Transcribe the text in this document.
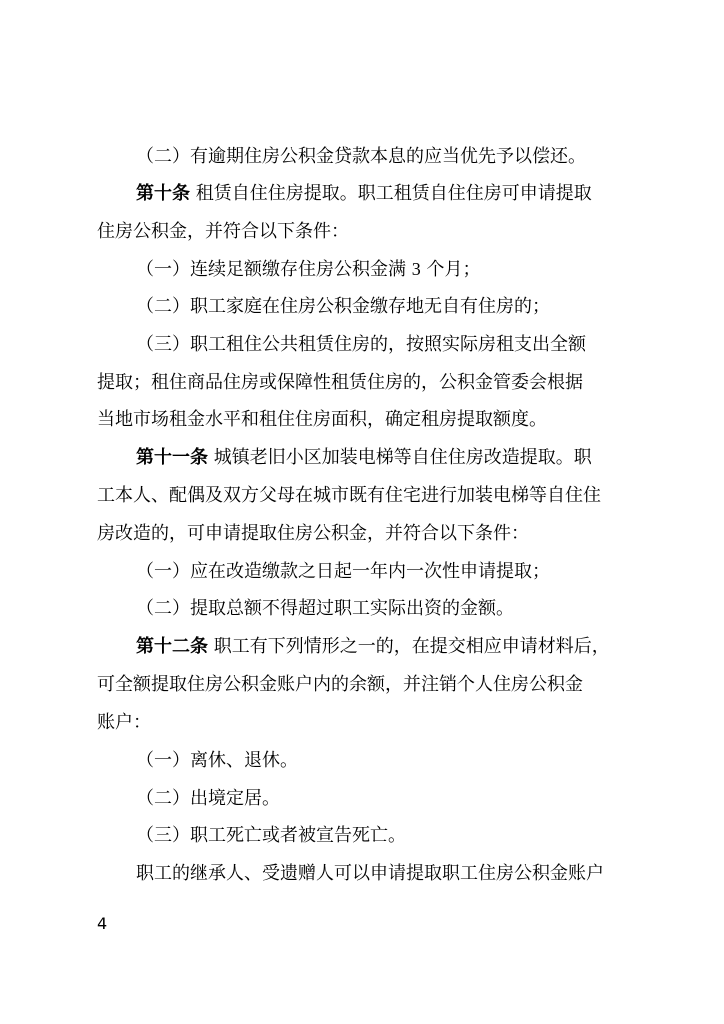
（二）有逾期住房公积金贷款本息的应当优先予以偿还。
第十条 租赁自住住房提取。职工租赁自住住房可申请提取
住房公积金，并符合以下条件：
（一）连续足额缴存住房公积金满 3 个月；
（二）职工家庭在住房公积金缴存地无自有住房的；
（三）职工租住公共租赁住房的，按照实际房租支出全额
提取；租住商品住房或保障性租赁住房的，公积金管委会根据
当地市场租金水平和租住住房面积，确定租房提取额度。
第十一条 城镇老旧小区加装电梯等自住住房改造提取。职
工本人、配偶及双方父母在城市既有住宅进行加装电梯等自住住
房改造的，可申请提取住房公积金，并符合以下条件：
（一）应在改造缴款之日起一年内一次性申请提取；
（二）提取总额不得超过职工实际出资的金额。
第十二条 职工有下列情形之一的，在提交相应申请材料后，
可全额提取住房公积金账户内的余额，并注销个人住房公积金
账户：
（一）离休、退休。
（二）出境定居。
（三）职工死亡或者被宣告死亡。
职工的继承人、受遗赠人可以申请提取职工住房公积金账户
4
